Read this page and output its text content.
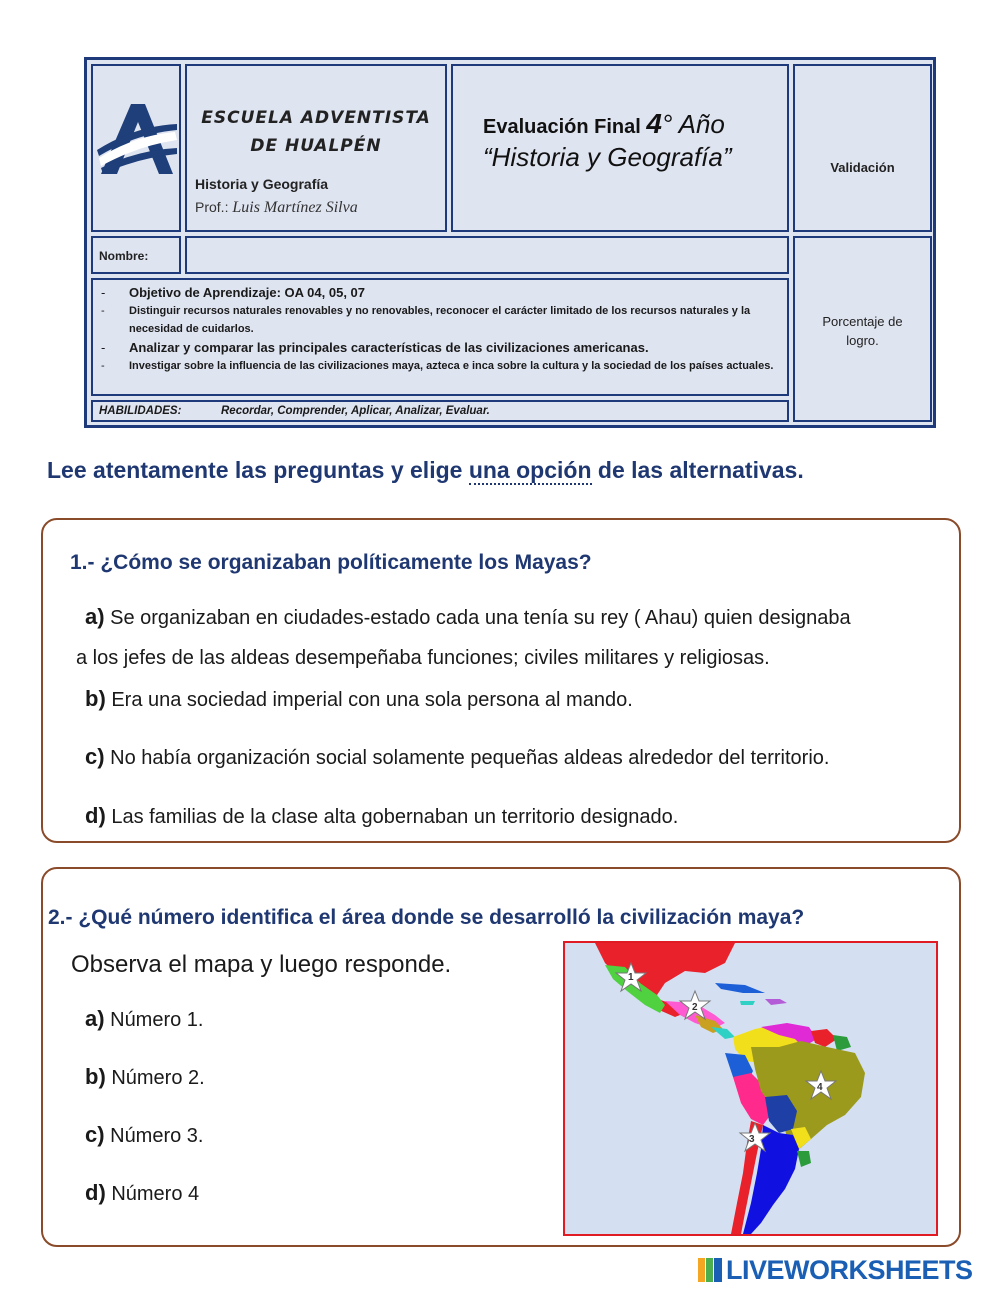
ESCUELA ADVENTISTA
DE HUALPÉN
Historia y Geografía
Prof.: Luis Martínez Silva
Evaluación Final 4° Año
“Historia y Geografía”	Validación
Nombre:
- Objetivo de Aprendizaje: OA 04, 05, 07
- Distinguir recursos naturales renovables y no renovables, reconocer el carácter limitado de los recursos naturales y la necesidad de cuidarlos.
- Analizar y comparar las principales características de las civilizaciones americanas.
- Investigar sobre la influencia de las civilizaciones maya, azteca e inca sobre la cultura y la sociedad de los países actuales.
HABILIDADES:	Recordar, Comprender, Aplicar, Analizar, Evaluar.
Porcentaje de logro.
Lee atentamente las preguntas y elige una opción de las alternativas.
1.- ¿Cómo se organizaban políticamente los Mayas?
a) Se organizaban en ciudades-estado cada una tenía su rey ( Ahau) quien designaba
a los jefes de las aldeas desempeñaba funciones; civiles militares y religiosas.
b) Era una sociedad imperial con una sola persona al mando.
c) No había organización social solamente pequeñas aldeas alrededor del territorio.
d) Las familias de la clase alta gobernaban un territorio designado.
2.- ¿Qué número identifica el área donde se desarrolló la civilización maya?
Observa el mapa y luego responde.
a) Número 1.
b) Número 2.
c) Número 3.
d) Número 4
1
2
3
4
LIVEWORKSHEETS
